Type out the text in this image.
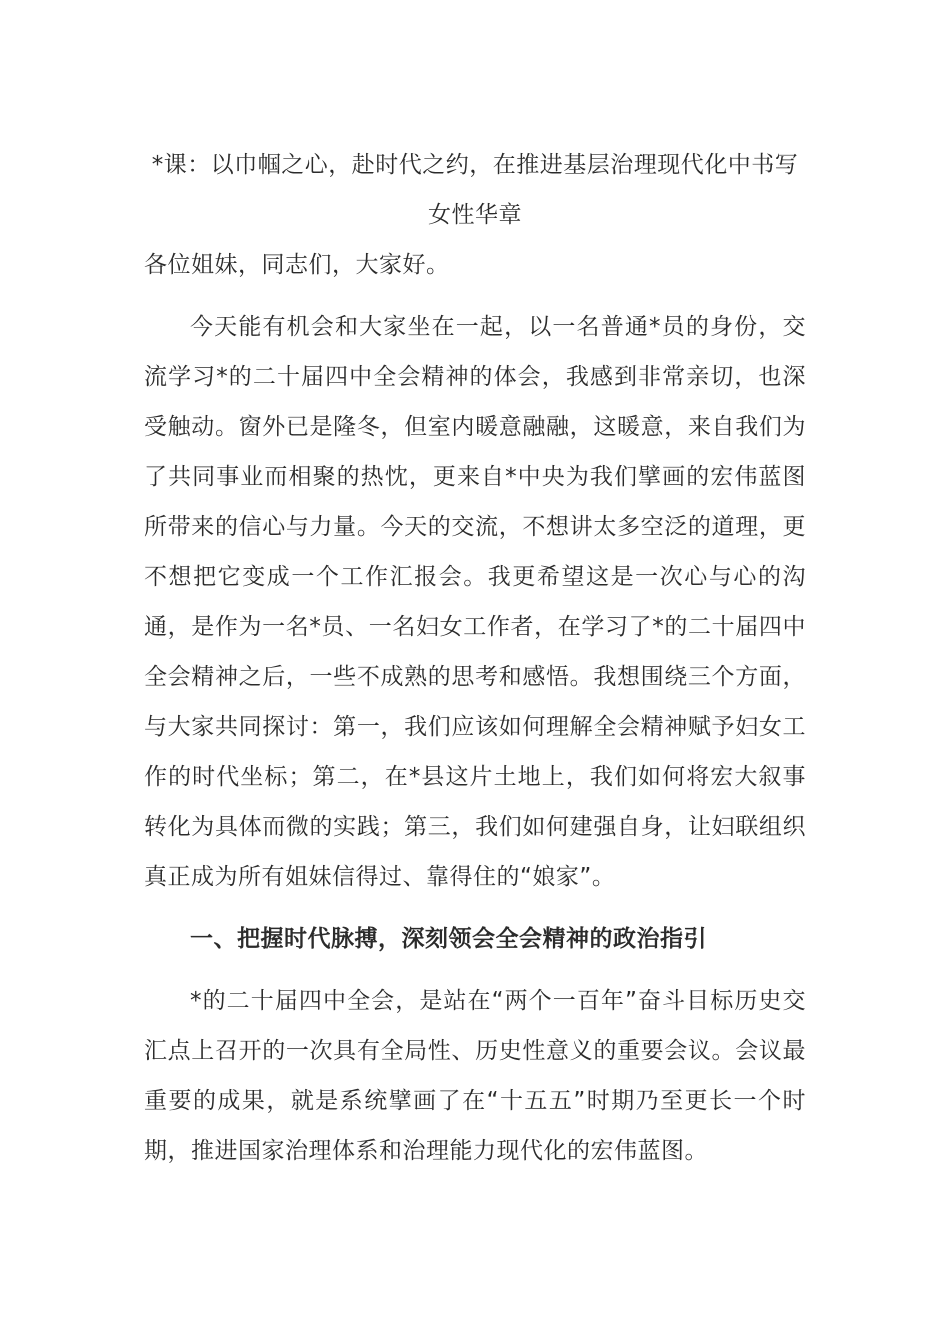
*课：以巾帼之心，赴时代之约，在推进基层治理现代化中书写女性华章

各位姐妹，同志们，大家好。

今天能有机会和大家坐在一起，以一名普通*员的身份，交流学习*的二十届四中全会精神的体会，我感到非常亲切，也深受触动。窗外已是隆冬，但室内暖意融融，这暖意，来自我们为了共同事业而相聚的热忱，更来自*中央为我们擘画的宏伟蓝图所带来的信心与力量。今天的交流，不想讲太多空泛的道理，更不想把它变成一个工作汇报会。我更希望这是一次心与心的沟通，是作为一名*员、一名妇女工作者，在学习了*的二十届四中全会精神之后，一些不成熟的思考和感悟。我想围绕三个方面，与大家共同探讨：第一，我们应该如何理解全会精神赋予妇女工作的时代坐标；第二，在*县这片土地上，我们如何将宏大叙事转化为具体而微的实践；第三，我们如何建强自身，让妇联组织真正成为所有姐妹信得过、靠得住的“娘家”。

一、把握时代脉搏，深刻领会全会精神的政治指引

*的二十届四中全会，是站在“两个一百年”奋斗目标历史交汇点上召开的一次具有全局性、历史性意义的重要会议。会议最重要的成果，就是系统擘画了在“十五五”时期乃至更长一个时期，推进国家治理体系和治理能力现代化的宏伟蓝图。
